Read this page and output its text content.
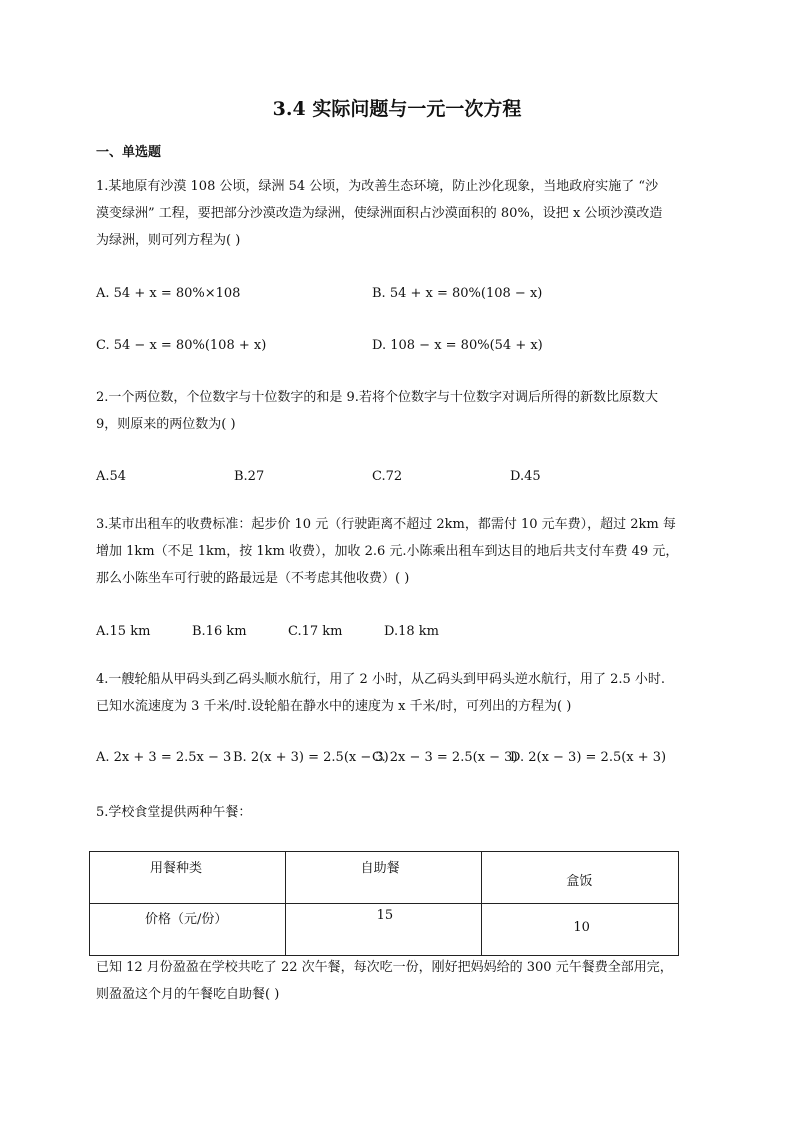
3.4 实际问题与一元一次方程
一、单选题
1.某地原有沙漠 108 公顷，绿洲 54 公顷，为改善生态环境，防止沙化现象，当地政府实施了 “沙
漠变绿洲” 工程，要把部分沙漠改造为绿洲，使绿洲面积占沙漠面积的 80%，设把 x 公顷沙漠改造
为绿洲，则可列方程为( )
A. 54 + x = 80%×108	B. 54 + x = 80%(108 − x)
C. 54 − x = 80%(108 + x)	D. 108 − x = 80%(54 + x)
2.一个两位数，个位数字与十位数字的和是 9.若将个位数字与十位数字对调后所得的新数比原数大
9，则原来的两位数为( )
A.54	B.27	C.72	D.45
3.某市出租车的收费标准：起步价 10 元（行驶距离不超过 2km，都需付 10 元车费），超过 2km 每
增加 1km（不足 1km，按 1km 收费），加收 2.6 元.小陈乘出租车到达目的地后共支付车费 49 元，
那么小陈坐车可行驶的路最远是（不考虑其他收费）( )
A.15 km	B.16 km	C.17 km	D.18 km
4.一艘轮船从甲码头到乙码头顺水航行，用了 2 小时，从乙码头到甲码头逆水航行，用了 2.5 小时.
已知水流速度为 3 千米/时.设轮船在静水中的速度为 x 千米/时，可列出的方程为( )
A. 2x + 3 = 2.5x − 3 B. 2(x + 3) = 2.5(x − 3)
C. 2x − 3 = 2.5(x − 3)
D. 2(x − 3) = 2.5(x + 3)
5.学校食堂提供两种午餐：
用餐种类	自助餐	盒饭

价格（元/份）	15	10
已知 12 月份盈盈在学校共吃了 22 次午餐，每次吃一份，刚好把妈妈给的 300 元午餐费全部用完，
则盈盈这个月的午餐吃自助餐( )
